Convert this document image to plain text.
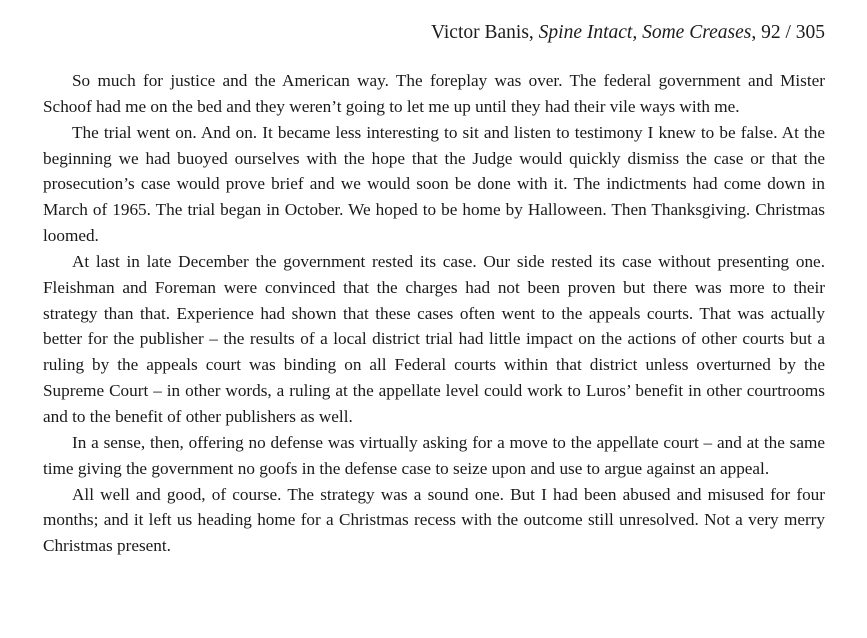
Victor Banis, Spine Intact, Some Creases, 92 / 305

So much for justice and the American way. The foreplay was over. The federal government and Mister Schoof had me on the bed and they weren’t going to let me up until they had their vile ways with me.

The trial went on. And on. It became less interesting to sit and listen to testimony I knew to be false. At the beginning we had buoyed ourselves with the hope that the Judge would quickly dismiss the case or that the prosecution’s case would prove brief and we would soon be done with it. The indictments had come down in March of 1965. The trial began in October. We hoped to be home by Halloween. Then Thanksgiving. Christmas loomed.

At last in late December the government rested its case. Our side rested its case without presenting one. Fleishman and Foreman were convinced that the charges had not been proven but there was more to their strategy than that. Experience had shown that these cases often went to the appeals courts. That was actually better for the publisher – the results of a local district trial had little impact on the actions of other courts but a ruling by the appeals court was binding on all Federal courts within that district unless overturned by the Supreme Court – in other words, a ruling at the appellate level could work to Luros’ benefit in other courtrooms and to the benefit of other publishers as well.

In a sense, then, offering no defense was virtually asking for a move to the appellate court – and at the same time giving the government no goofs in the defense case to seize upon and use to argue against an appeal.

All well and good, of course. The strategy was a sound one. But I had been abused and misused for four months; and it left us heading home for a Christmas recess with the outcome still unresolved. Not a very merry Christmas present.
